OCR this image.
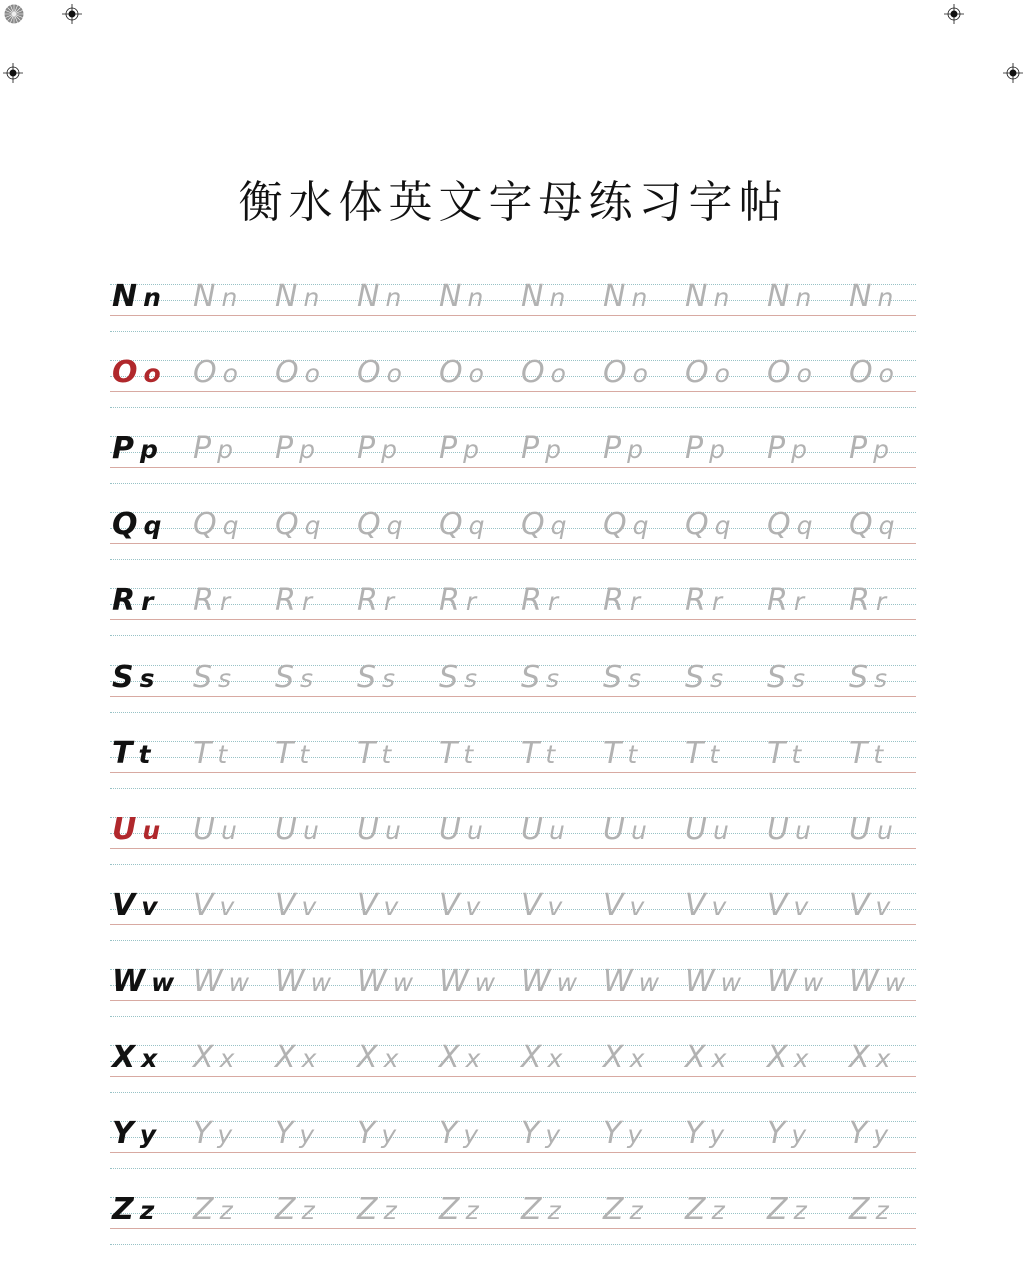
衡水体英文字母练习字帖
Nn Nn Nn Nn Nn Nn Nn Nn Nn Nn
Oo Oo Oo Oo Oo Oo Oo Oo Oo Oo
Pp Pp Pp Pp Pp Pp Pp Pp Pp Pp
Qq Qq Qq Qq Qq Qq Qq Qq Qq Qq
Rr Rr Rr Rr Rr Rr Rr Rr Rr Rr
Ss Ss Ss Ss Ss Ss Ss Ss Ss Ss
Tt Tt Tt Tt Tt Tt Tt Tt Tt Tt
Uu Uu Uu Uu Uu Uu Uu Uu Uu Uu
Vv Vv Vv Vv Vv Vv Vv Vv Vv Vv
Ww Ww Ww Ww Ww Ww Ww Ww Ww Ww
Xx Xx Xx Xx Xx Xx Xx Xx Xx Xx
Yy Yy Yy Yy Yy Yy Yy Yy Yy Yy
Zz Zz Zz Zz Zz Zz Zz Zz Zz Zz
